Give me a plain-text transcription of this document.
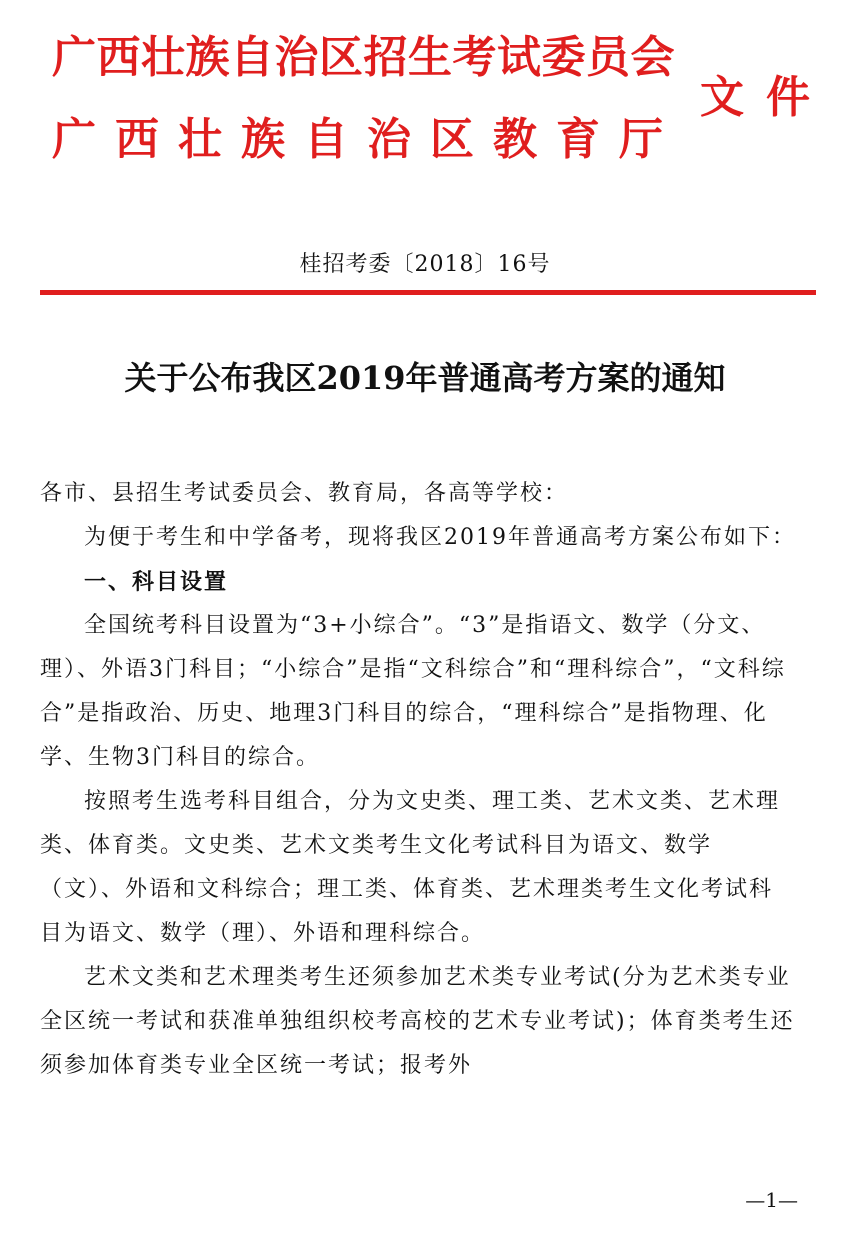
广西壮族自治区招生考试委员会
广西壮族自治区教育厅
文件
桂招考委〔2018〕16号
关于公布我区2019年普通高考方案的通知

各市、县招生考试委员会、教育局，各高等学校：

为便于考生和中学备考，现将我区2019年普通高考方案公布如下：

一、科目设置

全国统考科目设置为“3+小综合”。“3”是指语文、数学（分文、理）、外语3门科目；“小综合”是指“文科综合”和“理科综合”，“文科综合”是指政治、历史、地理3门科目的综合，“理科综合”是指物理、化学、生物3门科目的综合。

按照考生选考科目组合，分为文史类、理工类、艺术文类、艺术理类、体育类。文史类、艺术文类考生文化考试科目为语文、数学（文）、外语和文科综合；理工类、体育类、艺术理类考生文化考试科目为语文、数学（理）、外语和理科综合。

艺术文类和艺术理类考生还须参加艺术类专业考试(分为艺术类专业全区统一考试和获准单独组织校考高校的艺术专业考试)；体育类考生还须参加体育类专业全区统一考试；报考外

—1—
